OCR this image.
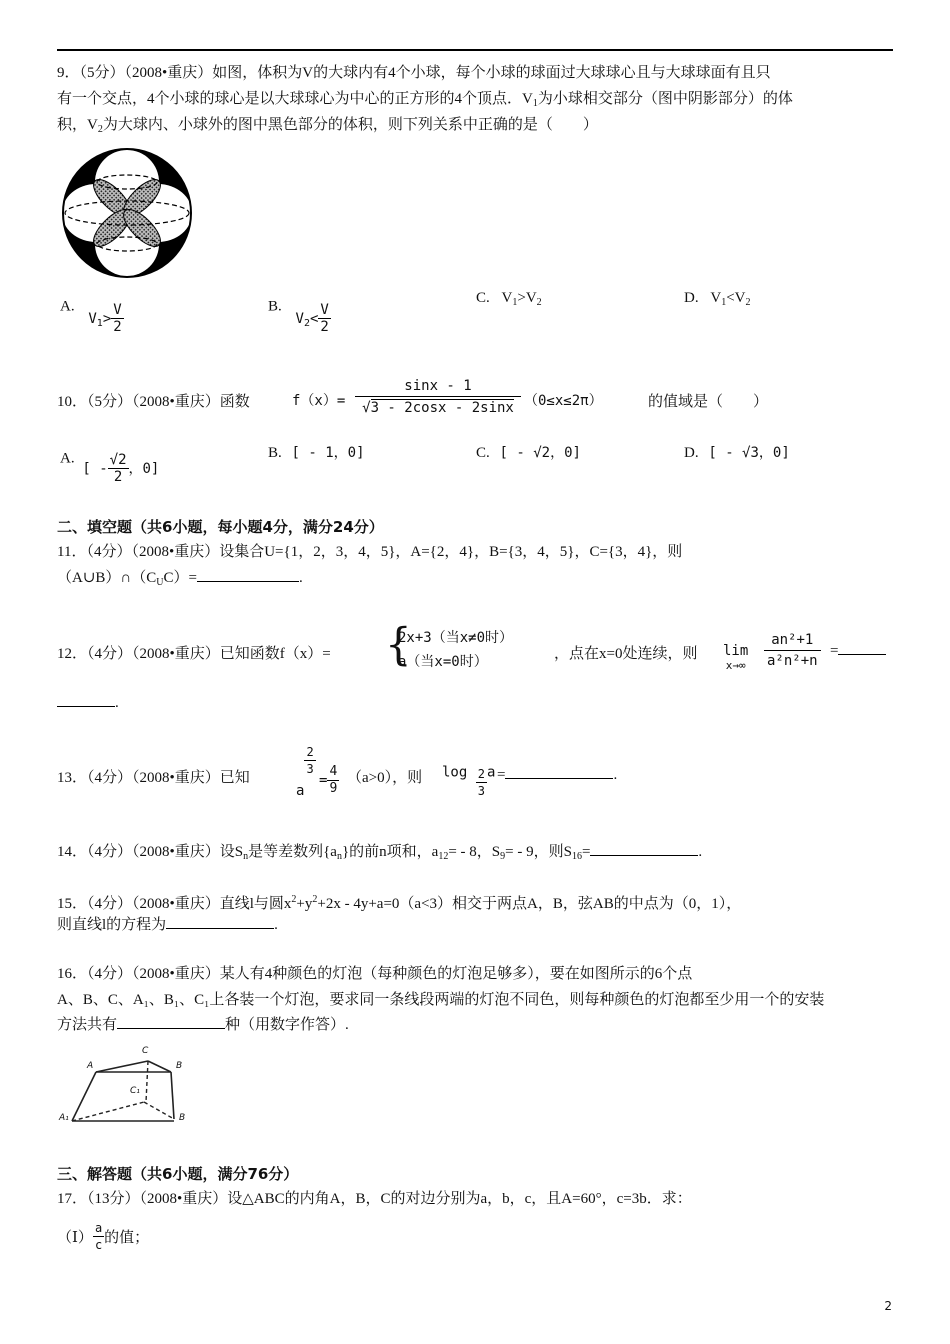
9．（5分）（2008•重庆）如图，体积为V的大球内有4个小球，每个小球的球面过大球球心且与大球球面有且只
有一个交点，4个小球的球心是以大球球心为中心的正方形的4个顶点．$V_1$为小球相交部分（图中阴影部分）的体
积，$V_2$为大球内、小球外的图中黑色部分的体积，则下列关系中正确的是（　　）
A. $V_1> \frac{V}{2}$	B. $V_2< \frac{V}{2}$
C. $V_1>V_2$	D. $V_1<V_2$
10．（5分）（2008•重庆）函数	$f(x)= \frac{\sin x - 1}{√3 - 2\cos x - 2\sin x} (0\le x\le 2\pi)$	的值域是（　　）
A. [ - $\frac{√2}{2}$ ，0]
B. [ - 1，0]	C. [ - √2，0]	D. [ - √3，0]
二、填空题（共6小题，每小题4分，满分24分）
11．（4分）（2008•重庆）设集合U={1，2，3，4，5}，A={2，4}，B={3，4，5}，C={3，4}，则
$(A\cup B)\cap(C_UC)=$	.
12．（4分）（2008•重庆）已知函数f（x）= {
2x+3（当x≠0时）
a（当x=0时）	，点在x=0处连续，则 lim
$x\to\infty \frac{\text{an²+1}}{\text{a²n²+n}}$ =
.
13．（4分）（2008•重庆）已知
a
$\frac{2}{3}$
= $\frac{4}{9} (a>0)$，则 $\log \frac{2}{3}$ a =	.
14．（4分）（2008•重庆）设$S_n$是等差数列$\{a_n\}$的前n项和，$a_{12}= - 8$，$S_9= - 9$，则$S_{16}=$	.
15．（4分）（2008•重庆）直线l与圆$x^2+y^2+2x - 4y+a=0(a<3)$相交于两点A，B，弦AB的中点为（0，1），
则直线l的方程为	.
16．（4分）（2008•重庆）某人有4种颜色的灯泡（每种颜色的灯泡足够多），要在如图所示的6个点
A、B、C、A₁、B₁、C₁上各装一个灯泡，要求同一条线段两端的灯泡不同色，则每种颜色的灯泡都至少用一个的安装
方法共有	种（用数字作答）.
C
A	B
C₁
A₁	B
三、解答题（共6小题，满分76分）
17．（13分）（2008•重庆）设△ABC的内角A，B，C的对边分别为a，b，c，且A=60°，c=3b．求：
（Ⅰ） $\frac{a}{c}$ 的值；
2
